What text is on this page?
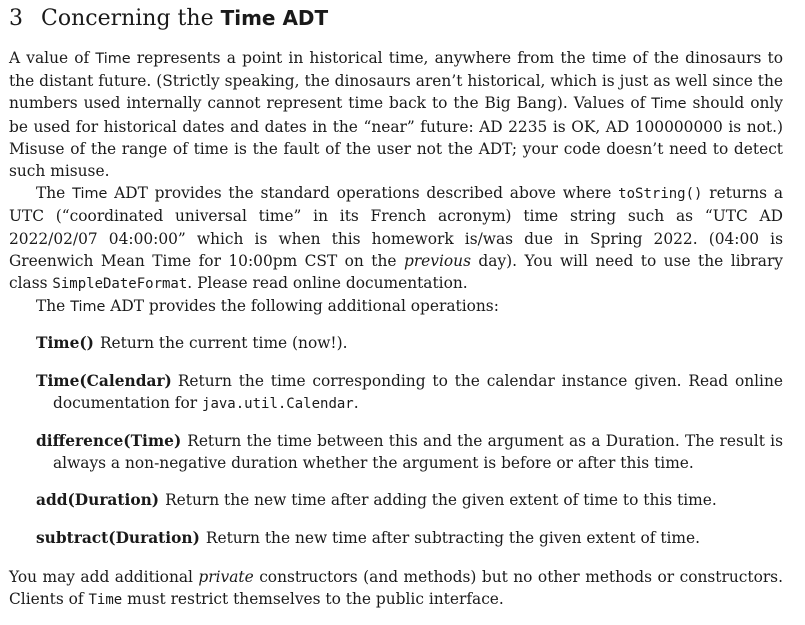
3 Concerning the Time ADT

A value of Time represents a point in historical time, anywhere from the time of the dinosaurs to the distant future. (Strictly speaking, the dinosaurs aren’t historical, which is just as well since the numbers used internally cannot represent time back to the Big Bang). Values of Time should only be used for historical dates and dates in the “near” future: AD 2235 is OK, AD 100000000 is not.) Misuse of the range of time is the fault of the user not the ADT; your code doesn’t need to detect such misuse.

The Time ADT provides the standard operations described above where toString() returns a UTC (“coordinated universal time” in its French acronym) time string such as “UTC AD 2022/02/07 04:00:00” which is when this homework is/was due in Spring 2022. (04:00 is Greenwich Mean Time for 10:00pm CST on the previous day). You will need to use the library class SimpleDateFormat. Please read online documentation.

The Time ADT provides the following additional operations:

Time() Return the current time (now!).
Time(Calendar) Return the time corresponding to the calendar instance given. Read online documentation for java.util.Calendar.
difference(Time) Return the time between this and the argument as a Duration. The result is always a non-negative duration whether the argument is before or after this time.
add(Duration) Return the new time after adding the given extent of time to this time.
subtract(Duration) Return the new time after subtracting the given extent of time.

You may add additional private constructors (and methods) but no other methods or constructors. Clients of Time must restrict themselves to the public interface.
